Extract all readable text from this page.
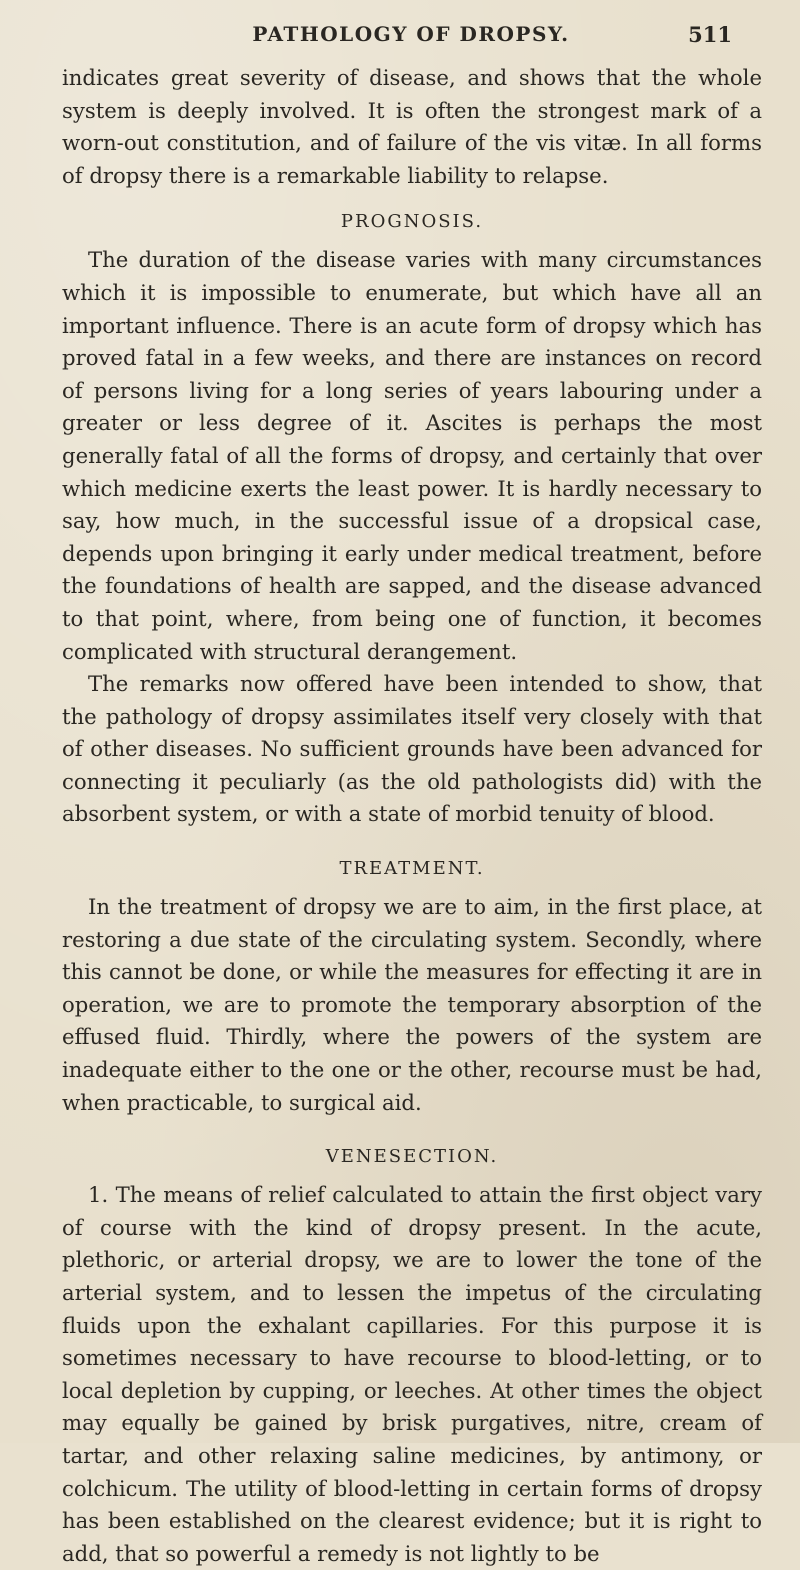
PATHOLOGY OF DROPSY.	511

indicates great severity of disease, and shows that the whole system is deeply involved. It is often the strongest mark of a worn-out constitution, and of failure of the vis vitæ. In all forms of dropsy there is a remarkable liability to relapse.

PROGNOSIS.

The duration of the disease varies with many circumstances which it is impossible to enumerate, but which have all an important influence. There is an acute form of dropsy which has proved fatal in a few weeks, and there are instances on record of persons living for a long series of years labouring under a greater or less degree of it. Ascites is perhaps the most generally fatal of all the forms of dropsy, and certainly that over which medicine exerts the least power. It is hardly necessary to say, how much, in the successful issue of a dropsical case, depends upon bringing it early under medical treatment, before the foundations of health are sapped, and the disease advanced to that point, where, from being one of function, it becomes complicated with structural derangement.

The remarks now offered have been intended to show, that the pathology of dropsy assimilates itself very closely with that of other diseases. No sufficient grounds have been advanced for connecting it peculiarly (as the old pathologists did) with the absorbent system, or with a state of morbid tenuity of blood.

TREATMENT.

In the treatment of dropsy we are to aim, in the first place, at restoring a due state of the circulating system. Secondly, where this cannot be done, or while the measures for effecting it are in operation, we are to promote the temporary absorption of the effused fluid. Thirdly, where the powers of the system are inadequate either to the one or the other, recourse must be had, when practicable, to surgical aid.

VENESECTION.

1. The means of relief calculated to attain the first object vary of course with the kind of dropsy present. In the acute, plethoric, or arterial dropsy, we are to lower the tone of the arterial system, and to lessen the impetus of the circulating fluids upon the exhalant capillaries. For this purpose it is sometimes necessary to have recourse to blood-letting, or to local depletion by cupping, or leeches. At other times the object may equally be gained by brisk purgatives, nitre, cream of tartar, and other relaxing saline medicines, by antimony, or colchicum. The utility of blood-letting in certain forms of dropsy has been established on the clearest evidence; but it is right to add, that so powerful a remedy is not lightly to be
